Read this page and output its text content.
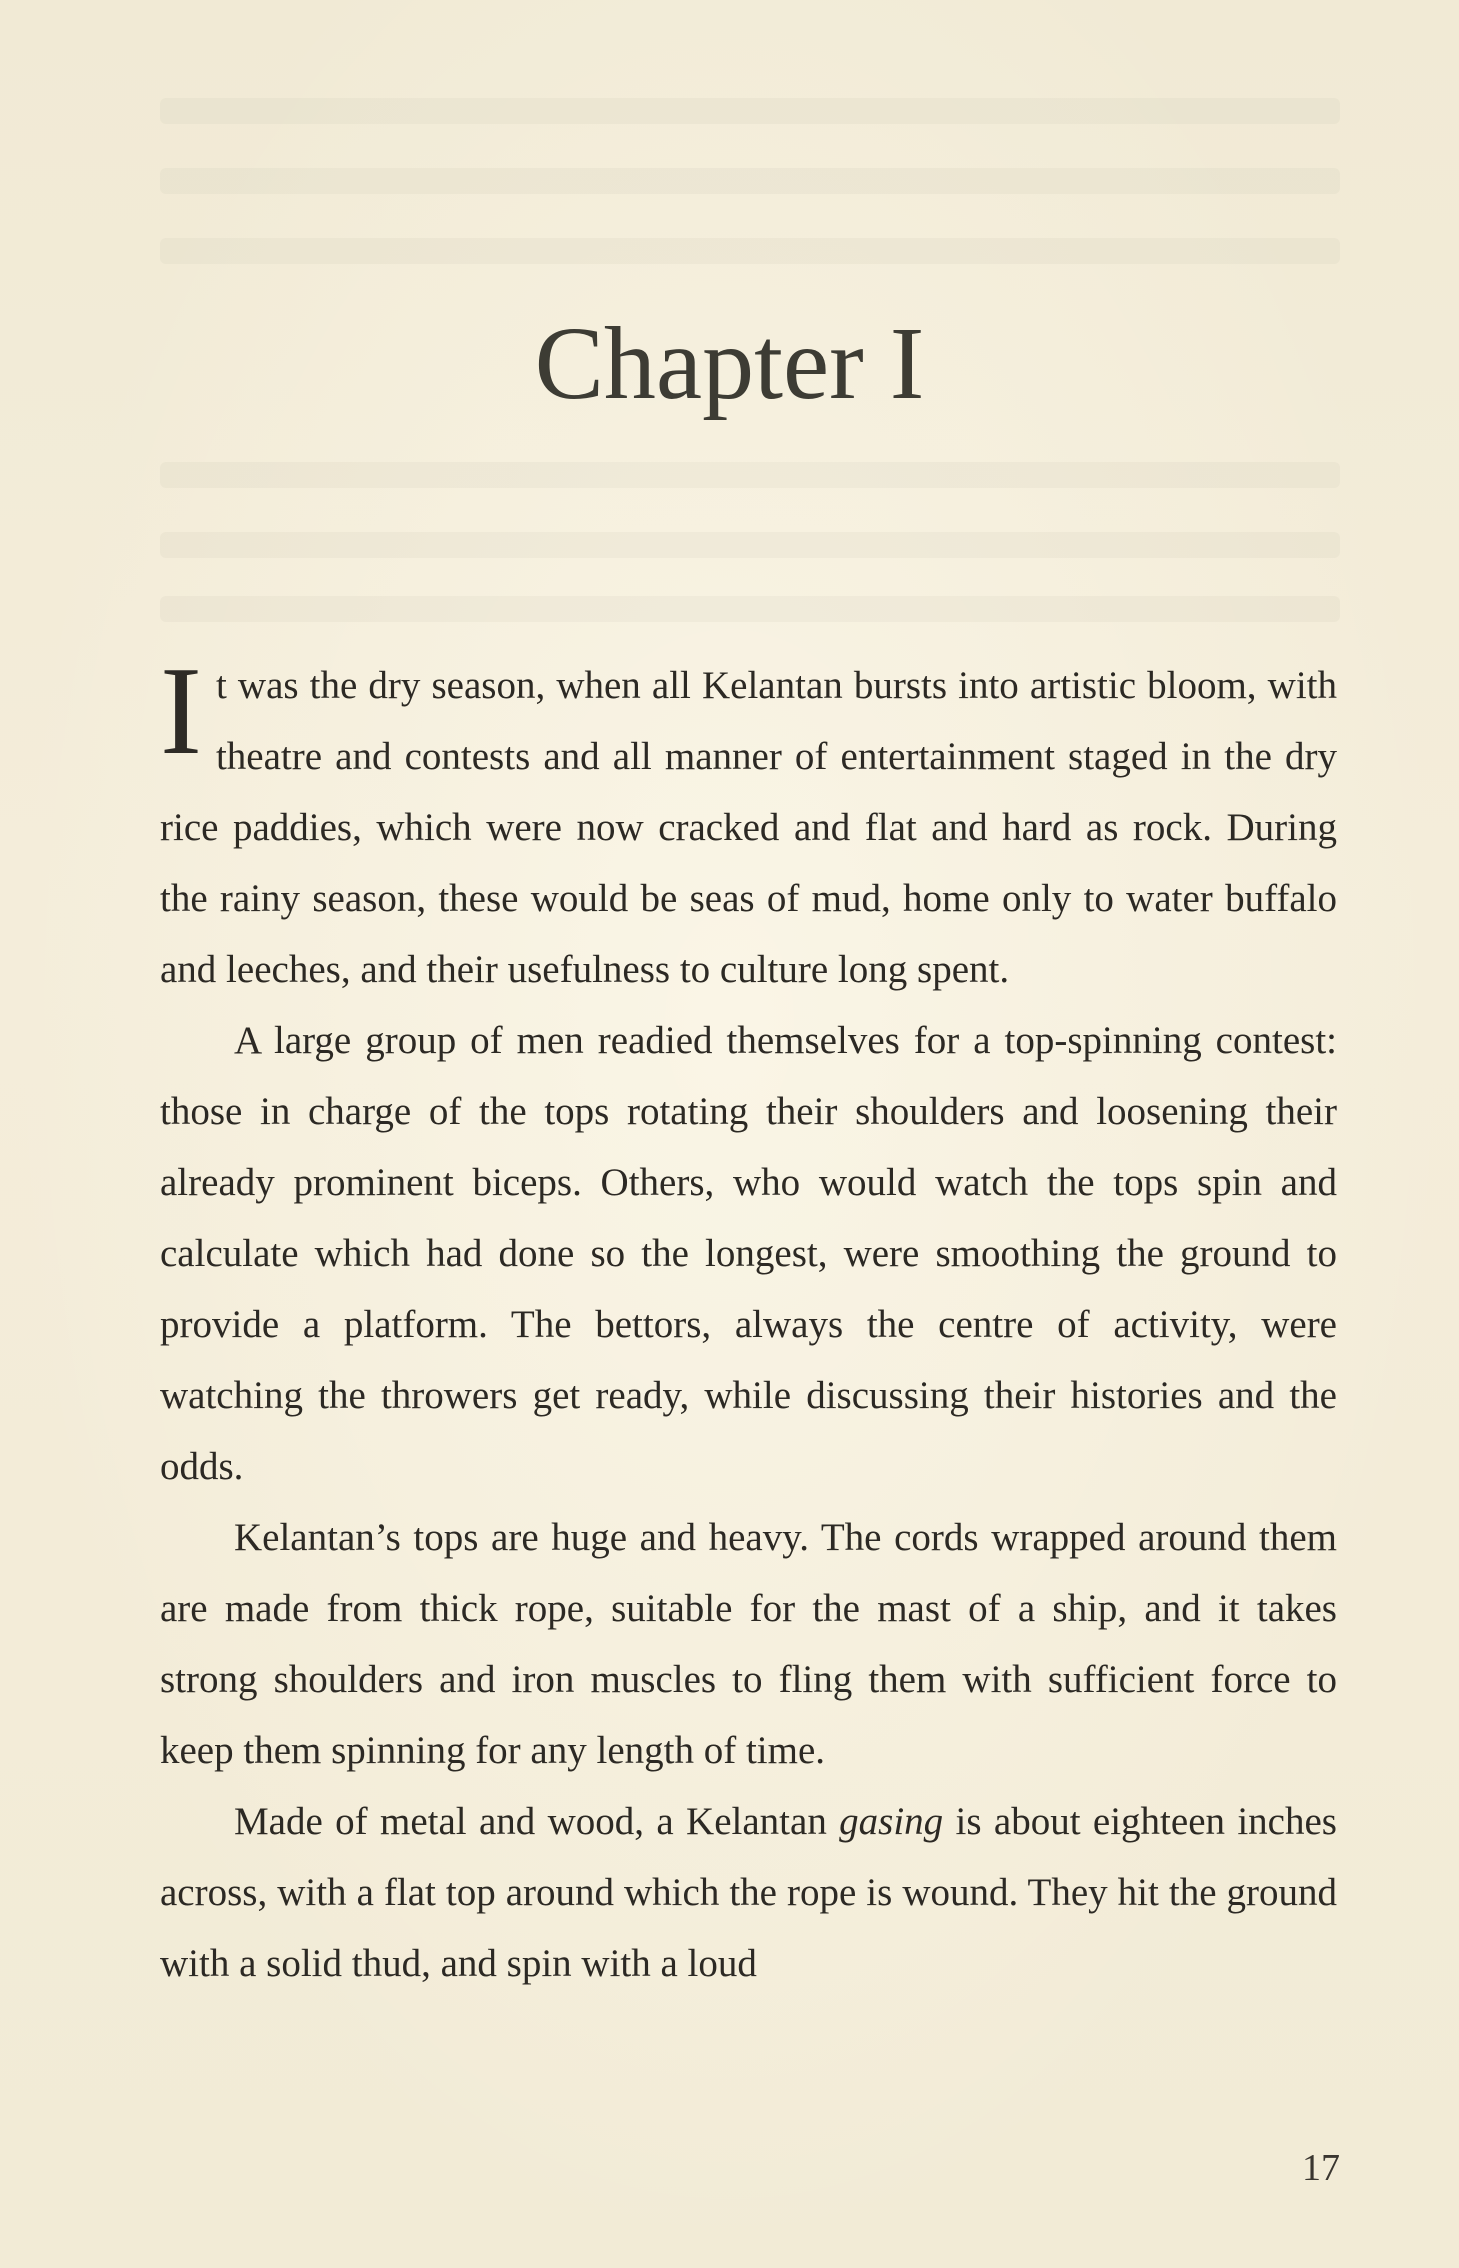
Chapter I

It was the dry season, when all Kelantan bursts into artistic bloom, with theatre and contests and all manner of entertainment staged in the dry rice paddies, which were now cracked and flat and hard as rock. During the rainy season, these would be seas of mud, home only to water buffalo and leeches, and their usefulness to culture long spent.

A large group of men readied themselves for a top-spinning contest: those in charge of the tops rotating their shoulders and loosening their already prominent biceps. Others, who would watch the tops spin and calculate which had done so the longest, were smoothing the ground to provide a platform. The bettors, always the centre of activity, were watching the throwers get ready, while discussing their histories and the odds.

Kelantan’s tops are huge and heavy. The cords wrapped around them are made from thick rope, suitable for the mast of a ship, and it takes strong shoulders and iron muscles to fling them with sufficient force to keep them spinning for any length of time.

Made of metal and wood, a Kelantan gasing is about eighteen inches across, with a flat top around which the rope is wound. They hit the ground with a solid thud, and spin with a loud

17
